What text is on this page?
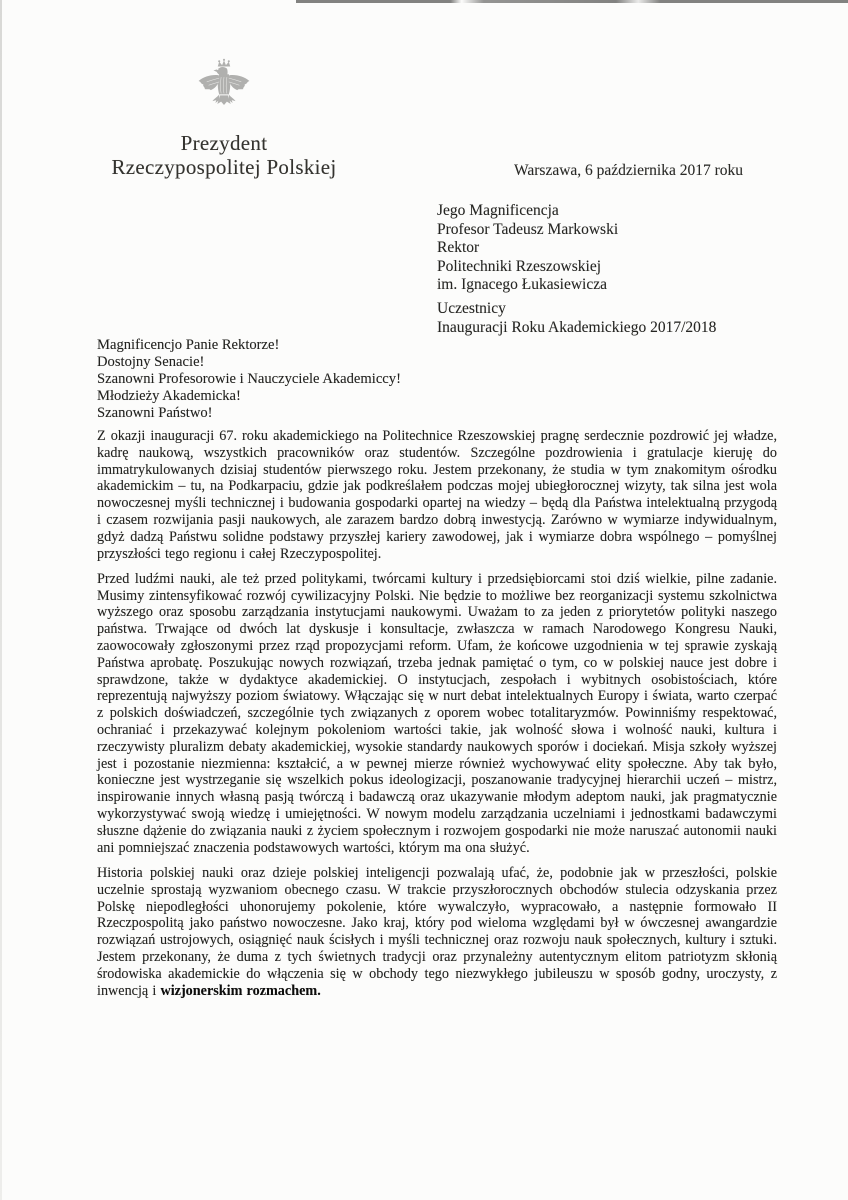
Prezydent
Rzeczypospolitej Polskiej	Warszawa, 6 października 2017 roku
Jego Magnificencja
Profesor Tadeusz Markowski
Rektor
Politechniki Rzeszowskiej
im. Ignacego Łukasiewicza
Uczestnicy
Inauguracji Roku Akademickiego 2017/2018
Magnificencjo Panie Rektorze!
Dostojny Senacie!
Szanowni Profesorowie i Nauczyciele Akademiccy!
Młodzieży Akademicka!
Szanowni Państwo!

Z okazji inauguracji 67. roku akademickiego na Politechnice Rzeszowskiej pragnę serdecznie pozdrowić jej władze, kadrę naukową, wszystkich pracowników oraz studentów. Szczególne pozdrowienia i gratulacje kieruję do immatrykulowanych dzisiaj studentów pierwszego roku. Jestem przekonany, że studia w tym znakomitym ośrodku akademickim – tu, na Podkarpaciu, gdzie jak podkreślałem podczas mojej ubiegłorocznej wizyty, tak silna jest wola nowoczesnej myśli technicznej i budowania gospodarki opartej na wiedzy – będą dla Państwa intelektualną przygodą i czasem rozwijania pasji naukowych, ale zarazem bardzo dobrą inwestycją. Zarówno w wymiarze indywidualnym, gdyż dadzą Państwu solidne podstawy przyszłej kariery zawodowej, jak i wymiarze dobra wspólnego – pomyślnej przyszłości tego regionu i całej Rzeczypospolitej.

Przed ludźmi nauki, ale też przed politykami, twórcami kultury i przedsiębiorcami stoi dziś wielkie, pilne zadanie. Musimy zintensyfikować rozwój cywilizacyjny Polski. Nie będzie to możliwe bez reorganizacji systemu szkolnictwa wyższego oraz sposobu zarządzania instytucjami naukowymi. Uważam to za jeden z priorytetów polityki naszego państwa. Trwające od dwóch lat dyskusje i konsultacje, zwłaszcza w ramach Narodowego Kongresu Nauki, zaowocowały zgłoszonymi przez rząd propozycjami reform. Ufam, że końcowe uzgodnienia w tej sprawie zyskają Państwa aprobatę. Poszukując nowych rozwiązań, trzeba jednak pamiętać o tym, co w polskiej nauce jest dobre i sprawdzone, także w dydaktyce akademickiej. O instytucjach, zespołach i wybitnych osobistościach, które reprezentują najwyższy poziom światowy. Włączając się w nurt debat intelektualnych Europy i świata, warto czerpać z polskich doświadczeń, szczególnie tych związanych z oporem wobec totalitaryzmów. Powinniśmy respektować, ochraniać i przekazywać kolejnym pokoleniom wartości takie, jak wolność słowa i wolność nauki, kultura i rzeczywisty pluralizm debaty akademickiej, wysokie standardy naukowych sporów i dociekań. Misja szkoły wyższej jest i pozostanie niezmienna: kształcić, a w pewnej mierze również wychowywać elity społeczne. Aby tak było, konieczne jest wystrzeganie się wszelkich pokus ideologizacji, poszanowanie tradycyjnej hierarchii uczeń – mistrz, inspirowanie innych własną pasją twórczą i badawczą oraz ukazywanie młodym adeptom nauki, jak pragmatycznie wykorzystywać swoją wiedzę i umiejętności. W nowym modelu zarządzania uczelniami i jednostkami badawczymi słuszne dążenie do związania nauki z życiem społecznym i rozwojem gospodarki nie może naruszać autonomii nauki ani pomniejszać znaczenia podstawowych wartości, którym ma ona służyć.

Historia polskiej nauki oraz dzieje polskiej inteligencji pozwalają ufać, że, podobnie jak w przeszłości, polskie uczelnie sprostają wyzwaniom obecnego czasu. W trakcie przyszłorocznych obchodów stulecia odzyskania przez Polskę niepodległości uhonorujemy pokolenie, które wywalczyło, wypracowało, a następnie formowało II Rzeczpospolitą jako państwo nowoczesne. Jako kraj, który pod wieloma względami był w ówczesnej awangardzie rozwiązań ustrojowych, osiągnięć nauk ścisłych i myśli technicznej oraz rozwoju nauk społecznych, kultury i sztuki. Jestem przekonany, że duma z tych świetnych tradycji oraz przynależny autentycznym elitom patriotyzm skłonią środowiska akademickie do włączenia się w obchody tego niezwykłego jubileuszu w sposób godny, uroczysty, z inwencją i wizjonerskim rozmachem.
